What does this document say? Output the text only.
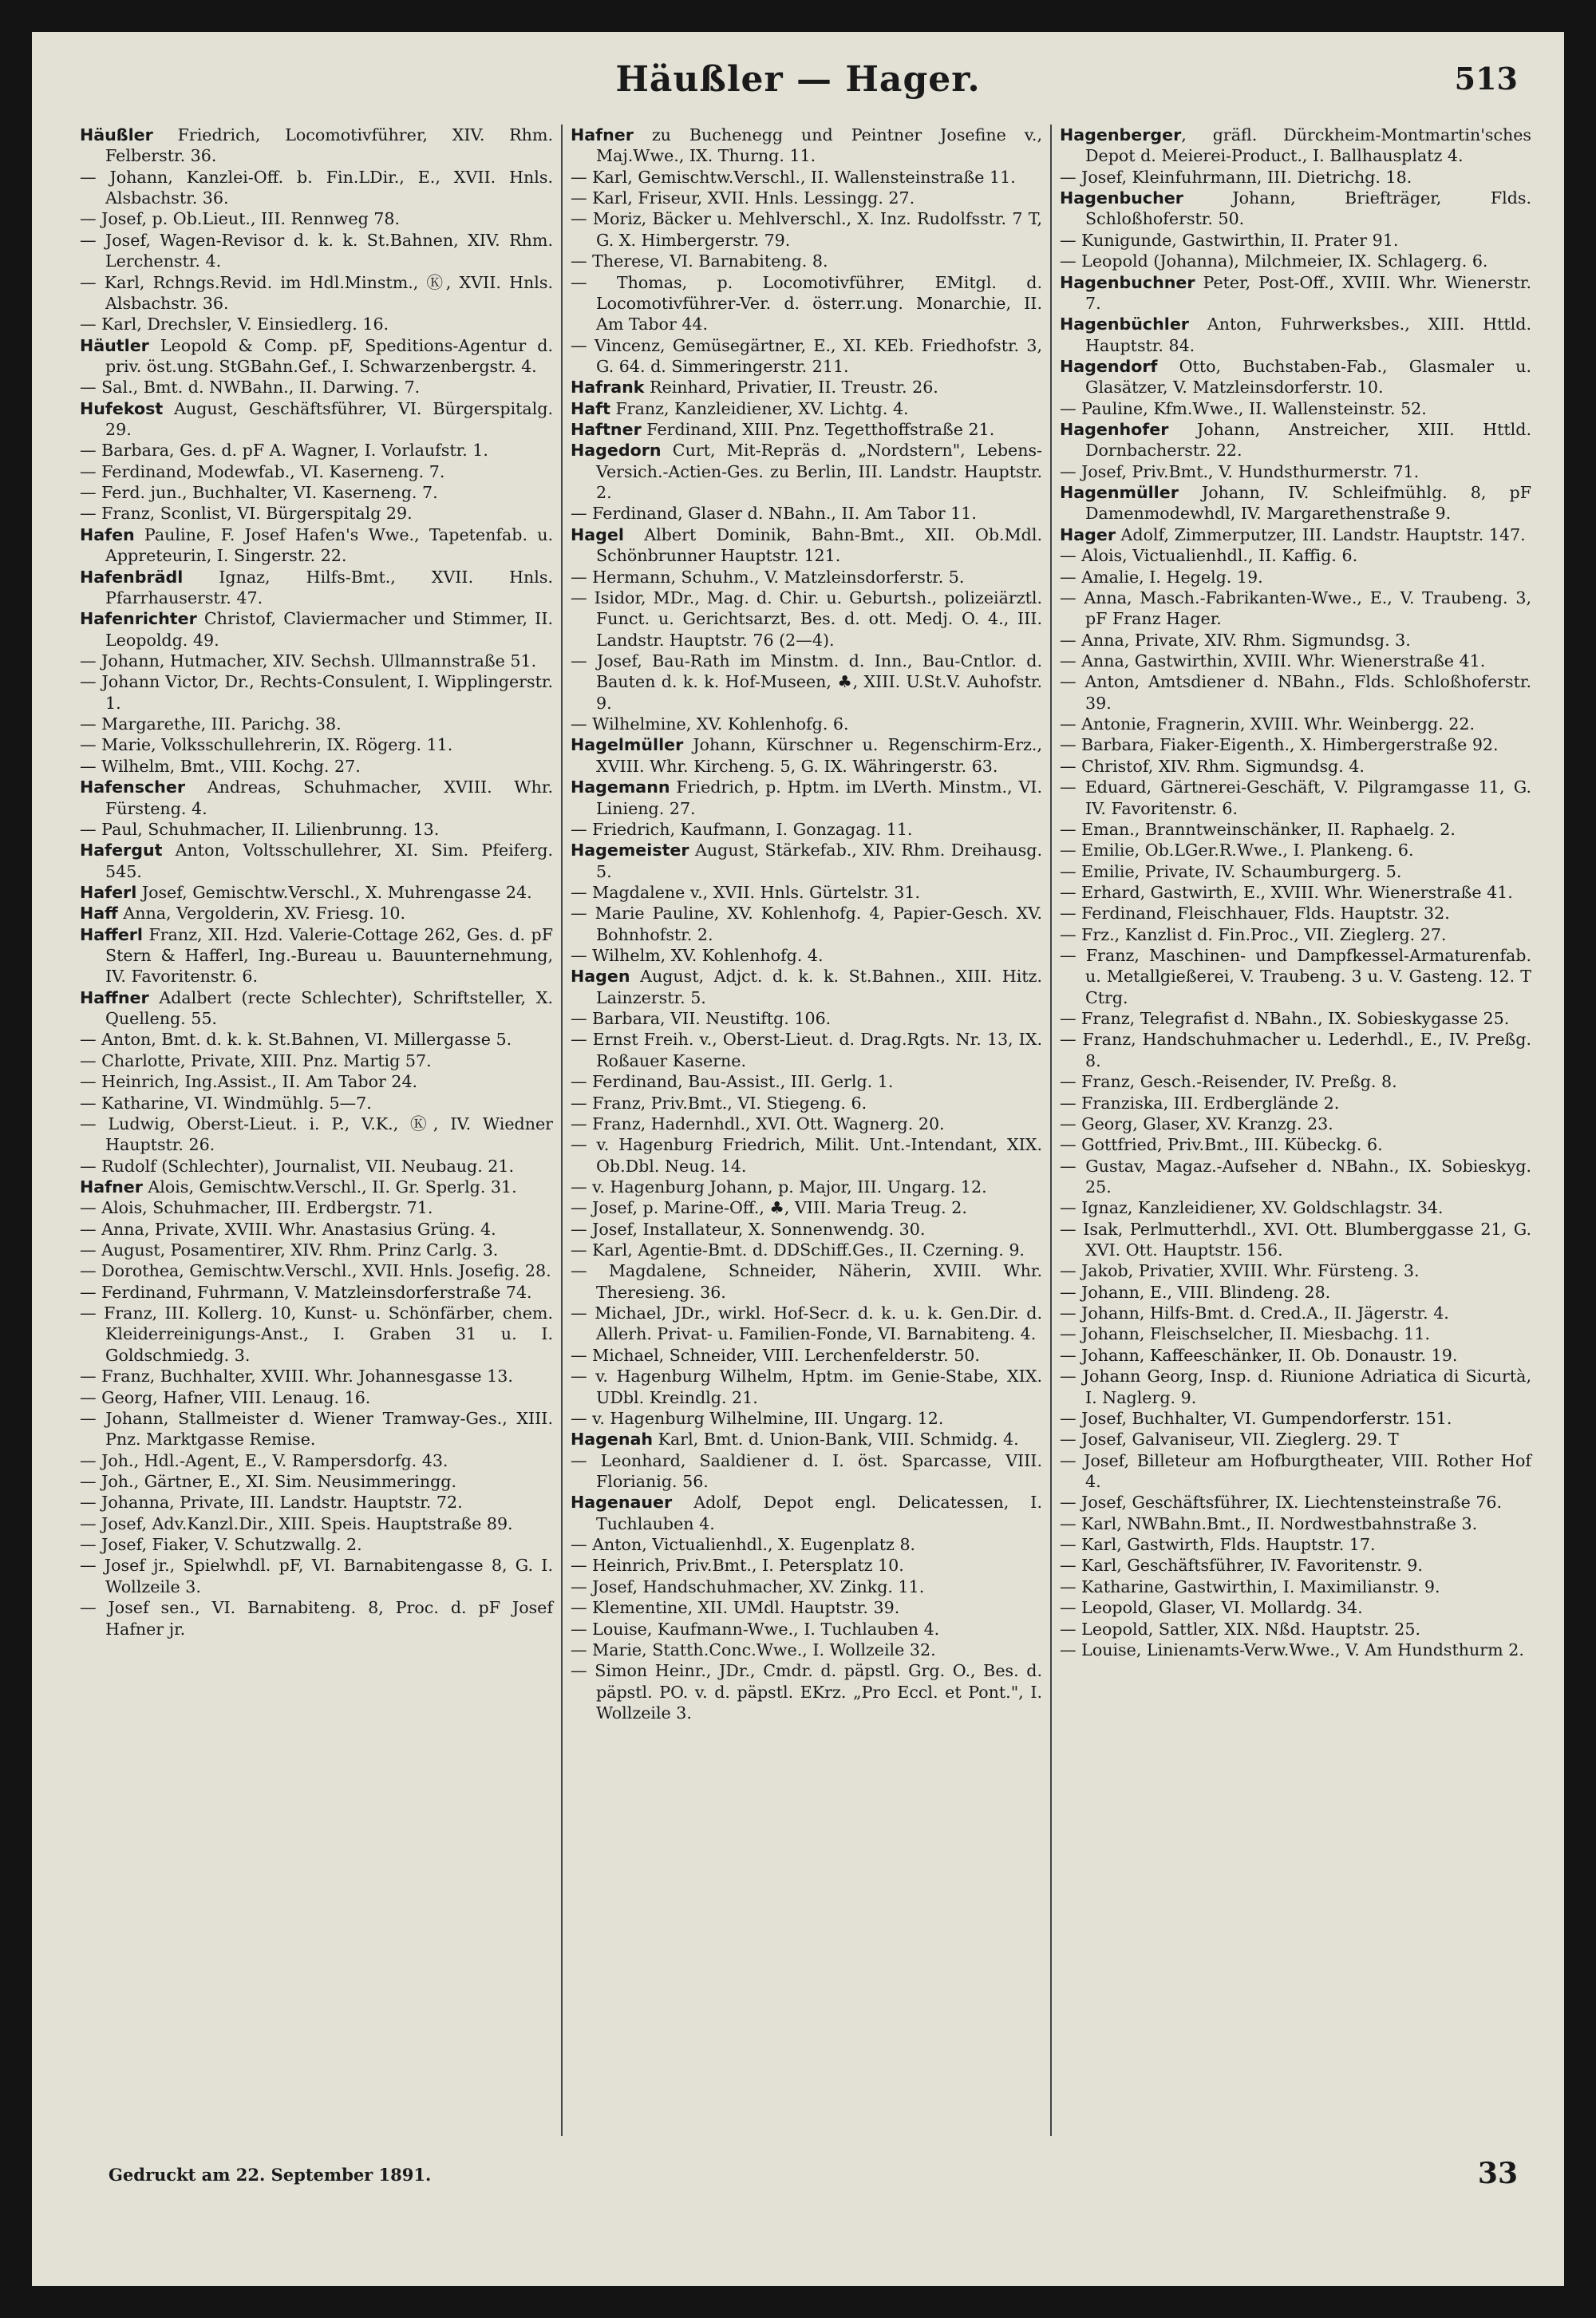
Häußler — Hager.	513

Häußler Friedrich, Locomotivführer, XIV. Rhm. Felberstr. 36.

— Johann, Kanzlei-Off. b. Fin.LDir., E., XVII. Hnls. Alsbachstr. 36.

— Josef, p. Ob.Lieut., III. Rennweg 78.

— Josef, Wagen-Revisor d. k. k. St.Bahnen, XIV. Rhm. Lerchenstr. 4.

— Karl, Rchngs.Revid. im Hdl.Minstm., Ⓚ, XVII. Hnls. Alsbachstr. 36.

— Karl, Drechsler, V. Einsiedlerg. 16.

Häutler Leopold & Comp. pF, Speditions-Agentur d. priv. öst.ung. StGBahn.Gef., I. Schwarzenbergstr. 4.

— Sal., Bmt. d. NWBahn., II. Darwing. 7.

Hufekost August, Geschäftsführer, VI. Bürgerspitalg. 29.

— Barbara, Ges. d. pF A. Wagner, I. Vorlaufstr. 1.

— Ferdinand, Modewfab., VI. Kaserneng. 7.

— Ferd. jun., Buchhalter, VI. Kaserneng. 7.

— Franz, Sconlist, VI. Bürgerspitalg 29.

Hafen Pauline, F. Josef Hafen's Wwe., Tapetenfab. u. Appreteurin, I. Singerstr. 22.

Hafenbrädl Ignaz, Hilfs-Bmt., XVII. Hnls. Pfarrhauserstr. 47.

Hafenrichter Christof, Claviermacher und Stimmer, II. Leopoldg. 49.

— Johann, Hutmacher, XIV. Sechsh. Ullmannstraße 51.

— Johann Victor, Dr., Rechts-Consulent, I. Wipplingerstr. 1.

— Margarethe, III. Parichg. 38.

— Marie, Volksschullehrerin, IX. Rögerg. 11.

— Wilhelm, Bmt., VIII. Kochg. 27.

Hafenscher Andreas, Schuhmacher, XVIII. Whr. Fürsteng. 4.

— Paul, Schuhmacher, II. Lilienbrunng. 13.

Hafergut Anton, Voltsschullehrer, XI. Sim. Pfeiferg. 545.

Haferl Josef, Gemischtw.Verschl., X. Muhrengasse 24.

Haff Anna, Vergolderin, XV. Friesg. 10.

Hafferl Franz, XII. Hzd. Valerie-Cottage 262, Ges. d. pF Stern & Hafferl, Ing.-Bureau u. Bauunternehmung, IV. Favoritenstr. 6.

Haffner Adalbert (recte Schlechter), Schriftsteller, X. Quelleng. 55.

— Anton, Bmt. d. k. k. St.Bahnen, VI. Millergasse 5.

— Charlotte, Private, XIII. Pnz. Martig 57.

— Heinrich, Ing.Assist., II. Am Tabor 24.

— Katharine, VI. Windmühlg. 5—7.

— Ludwig, Oberst-Lieut. i. P., V.K., Ⓚ, IV. Wiedner Hauptstr. 26.

— Rudolf (Schlechter), Journalist, VII. Neubaug. 21.

Hafner Alois, Gemischtw.Verschl., II. Gr. Sperlg. 31.

— Alois, Schuhmacher, III. Erdbergstr. 71.

— Anna, Private, XVIII. Whr. Anastasius Grüng. 4.

— August, Posamentirer, XIV. Rhm. Prinz Carlg. 3.

— Dorothea, Gemischtw.Verschl., XVII. Hnls. Josefig. 28.

— Ferdinand, Fuhrmann, V. Matzleinsdorferstraße 74.

— Franz, III. Kollerg. 10, Kunst- u. Schönfärber, chem. Kleiderreinigungs-Anst., I. Graben 31 u. I. Goldschmiedg. 3.

— Franz, Buchhalter, XVIII. Whr. Johannesgasse 13.

— Georg, Hafner, VIII. Lenaug. 16.

— Johann, Stallmeister d. Wiener Tramway-Ges., XIII. Pnz. Marktgasse Remise.

— Joh., Hdl.-Agent, E., V. Rampersdorfg. 43.

— Joh., Gärtner, E., XI. Sim. Neusimmeringg.

— Johanna, Private, III. Landstr. Hauptstr. 72.

— Josef, Adv.Kanzl.Dir., XIII. Speis. Hauptstraße 89.

— Josef, Fiaker, V. Schutzwallg. 2.

— Josef jr., Spielwhdl. pF, VI. Barnabitengasse 8, G. I. Wollzeile 3.

— Josef sen., VI. Barnabiteng. 8, Proc. d. pF Josef Hafner jr.

Hafner zu Buchenegg und Peintner Josefine v., Maj.Wwe., IX. Thurng. 11.

— Karl, Gemischtw.Verschl., II. Wallensteinstraße 11.

— Karl, Friseur, XVII. Hnls. Lessingg. 27.

— Moriz, Bäcker u. Mehlverschl., X. Inz. Rudolfsstr. 7 T, G. X. Himbergerstr. 79.

— Therese, VI. Barnabiteng. 8.

— Thomas, p. Locomotivführer, EMitgl. d. Locomotivführer-Ver. d. österr.ung. Monarchie, II. Am Tabor 44.

— Vincenz, Gemüsegärtner, E., XI. KEb. Friedhofstr. 3, G. 64. d. Simmeringerstr. 211.

Hafrank Reinhard, Privatier, II. Treustr. 26.

Haft Franz, Kanzleidiener, XV. Lichtg. 4.

Haftner Ferdinand, XIII. Pnz. Tegetthoffstraße 21.

Hagedorn Curt, Mit-Repräs d. „Nordstern", Lebens-Versich.-Actien-Ges. zu Berlin, III. Landstr. Hauptstr. 2.

— Ferdinand, Glaser d. NBahn., II. Am Tabor 11.

Hagel Albert Dominik, Bahn-Bmt., XII. Ob.Mdl. Schönbrunner Hauptstr. 121.

— Hermann, Schuhm., V. Matzleinsdorferstr. 5.

— Isidor, MDr., Mag. d. Chir. u. Geburtsh., polizeiärztl. Funct. u. Gerichtsarzt, Bes. d. ott. Medj. O. 4., III. Landstr. Hauptstr. 76 (2—4).

— Josef, Bau-Rath im Minstm. d. Inn., Bau-Cntlor. d. Bauten d. k. k. Hof-Museen, ♣, XIII. U.St.V. Auhofstr. 9.

— Wilhelmine, XV. Kohlenhofg. 6.

Hagelmüller Johann, Kürschner u. Regenschirm-Erz., XVIII. Whr. Kircheng. 5, G. IX. Währingerstr. 63.

Hagemann Friedrich, p. Hptm. im LVerth. Minstm., VI. Linieng. 27.

— Friedrich, Kaufmann, I. Gonzagag. 11.

Hagemeister August, Stärkefab., XIV. Rhm. Dreihausg. 5.

— Magdalene v., XVII. Hnls. Gürtelstr. 31.

— Marie Pauline, XV. Kohlenhofg. 4, Papier-Gesch. XV. Bohnhofstr. 2.

— Wilhelm, XV. Kohlenhofg. 4.

Hagen August, Adjct. d. k. k. St.Bahnen., XIII. Hitz. Lainzerstr. 5.

— Barbara, VII. Neustiftg. 106.

— Ernst Freih. v., Oberst-Lieut. d. Drag.Rgts. Nr. 13, IX. Roßauer Kaserne.

— Ferdinand, Bau-Assist., III. Gerlg. 1.

— Franz, Priv.Bmt., VI. Stiegeng. 6.

— Franz, Hadernhdl., XVI. Ott. Wagnerg. 20.

— v. Hagenburg Friedrich, Milit. Unt.-Intendant, XIX. Ob.Dbl. Neug. 14.

— v. Hagenburg Johann, p. Major, III. Ungarg. 12.

— Josef, p. Marine-Off., ♣, VIII. Maria Treug. 2.

— Josef, Installateur, X. Sonnenwendg. 30.

— Karl, Agentie-Bmt. d. DDSchiff.Ges., II. Czerning. 9.

— Magdalene, Schneider, Näherin, XVIII. Whr. Theresieng. 36.

— Michael, JDr., wirkl. Hof-Secr. d. k. u. k. Gen.Dir. d. Allerh. Privat- u. Familien-Fonde, VI. Barnabiteng. 4.

— Michael, Schneider, VIII. Lerchenfelderstr. 50.

— v. Hagenburg Wilhelm, Hptm. im Genie-Stabe, XIX. UDbl. Kreindlg. 21.

— v. Hagenburg Wilhelmine, III. Ungarg. 12.

Hagenah Karl, Bmt. d. Union-Bank, VIII. Schmidg. 4.

— Leonhard, Saaldiener d. I. öst. Sparcasse, VIII. Florianig. 56.

Hagenauer Adolf, Depot engl. Delicatessen, I. Tuchlauben 4.

— Anton, Victualienhdl., X. Eugenplatz 8.

— Heinrich, Priv.Bmt., I. Petersplatz 10.

— Josef, Handschuhmacher, XV. Zinkg. 11.

— Klementine, XII. UMdl. Hauptstr. 39.

— Louise, Kaufmann-Wwe., I. Tuchlauben 4.

— Marie, Statth.Conc.Wwe., I. Wollzeile 32.

— Simon Heinr., JDr., Cmdr. d. päpstl. Grg. O., Bes. d. päpstl. PO. v. d. päpstl. EKrz. „Pro Eccl. et Pont.", I. Wollzeile 3.

Hagenberger, gräfl. Dürckheim-Montmartin'sches Depot d. Meierei-Product., I. Ballhausplatz 4.

— Josef, Kleinfuhrmann, III. Dietrichg. 18.

Hagenbucher Johann, Briefträger, Flds. Schloßhoferstr. 50.

— Kunigunde, Gastwirthin, II. Prater 91.

— Leopold (Johanna), Milchmeier, IX. Schlagerg. 6.

Hagenbuchner Peter, Post-Off., XVIII. Whr. Wienerstr. 7.

Hagenbüchler Anton, Fuhrwerksbes., XIII. Httld. Hauptstr. 84.

Hagendorf Otto, Buchstaben-Fab., Glasmaler u. Glasätzer, V. Matzleinsdorferstr. 10.

— Pauline, Kfm.Wwe., II. Wallensteinstr. 52.

Hagenhofer Johann, Anstreicher, XIII. Httld. Dornbacherstr. 22.

— Josef, Priv.Bmt., V. Hundsthurmerstr. 71.

Hagenmüller Johann, IV. Schleifmühlg. 8, pF Damenmodewhdl, IV. Margarethenstraße 9.

Hager Adolf, Zimmerputzer, III. Landstr. Hauptstr. 147.

— Alois, Victualienhdl., II. Kaffig. 6.

— Amalie, I. Hegelg. 19.

— Anna, Masch.-Fabrikanten-Wwe., E., V. Traubeng. 3, pF Franz Hager.

— Anna, Private, XIV. Rhm. Sigmundsg. 3.

— Anna, Gastwirthin, XVIII. Whr. Wienerstraße 41.

— Anton, Amtsdiener d. NBahn., Flds. Schloßhoferstr. 39.

— Antonie, Fragnerin, XVIII. Whr. Weinbergg. 22.

— Barbara, Fiaker-Eigenth., X. Himbergerstraße 92.

— Christof, XIV. Rhm. Sigmundsg. 4.

— Eduard, Gärtnerei-Geschäft, V. Pilgramgasse 11, G. IV. Favoritenstr. 6.

— Eman., Branntweinschänker, II. Raphaelg. 2.

— Emilie, Ob.LGer.R.Wwe., I. Plankeng. 6.

— Emilie, Private, IV. Schaumburgerg. 5.

— Erhard, Gastwirth, E., XVIII. Whr. Wienerstraße 41.

— Ferdinand, Fleischhauer, Flds. Hauptstr. 32.

— Frz., Kanzlist d. Fin.Proc., VII. Zieglerg. 27.

— Franz, Maschinen- und Dampfkessel-Armaturenfab. u. Metallgießerei, V. Traubeng. 3 u. V. Gasteng. 12. T Ctrg.

— Franz, Telegrafist d. NBahn., IX. Sobieskygasse 25.

— Franz, Handschuhmacher u. Lederhdl., E., IV. Preßg. 8.

— Franz, Gesch.-Reisender, IV. Preßg. 8.

— Franziska, III. Erdberglände 2.

— Georg, Glaser, XV. Kranzg. 23.

— Gottfried, Priv.Bmt., III. Kübeckg. 6.

— Gustav, Magaz.-Aufseher d. NBahn., IX. Sobieskyg. 25.

— Ignaz, Kanzleidiener, XV. Goldschlagstr. 34.

— Isak, Perlmutterhdl., XVI. Ott. Blumberggasse 21, G. XVI. Ott. Hauptstr. 156.

— Jakob, Privatier, XVIII. Whr. Fürsteng. 3.

— Johann, E., VIII. Blindeng. 28.

— Johann, Hilfs-Bmt. d. Cred.A., II. Jägerstr. 4.

— Johann, Fleischselcher, II. Miesbachg. 11.

— Johann, Kaffeeschänker, II. Ob. Donaustr. 19.

— Johann Georg, Insp. d. Riunione Adriatica di Sicurtà, I. Naglerg. 9.

— Josef, Buchhalter, VI. Gumpendorferstr. 151.

— Josef, Galvaniseur, VII. Zieglerg. 29. T

— Josef, Billeteur am Hofburgtheater, VIII. Rother Hof 4.

— Josef, Geschäftsführer, IX. Liechtensteinstraße 76.

— Karl, NWBahn.Bmt., II. Nordwestbahnstraße 3.

— Karl, Gastwirth, Flds. Hauptstr. 17.

— Karl, Geschäftsführer, IV. Favoritenstr. 9.

— Katharine, Gastwirthin, I. Maximilianstr. 9.

— Leopold, Glaser, VI. Mollardg. 34.

— Leopold, Sattler, XIX. Nßd. Hauptstr. 25.

— Louise, Linienamts-Verw.Wwe., V. Am Hundsthurm 2.

Gedruckt am 22. September 1891.	33
